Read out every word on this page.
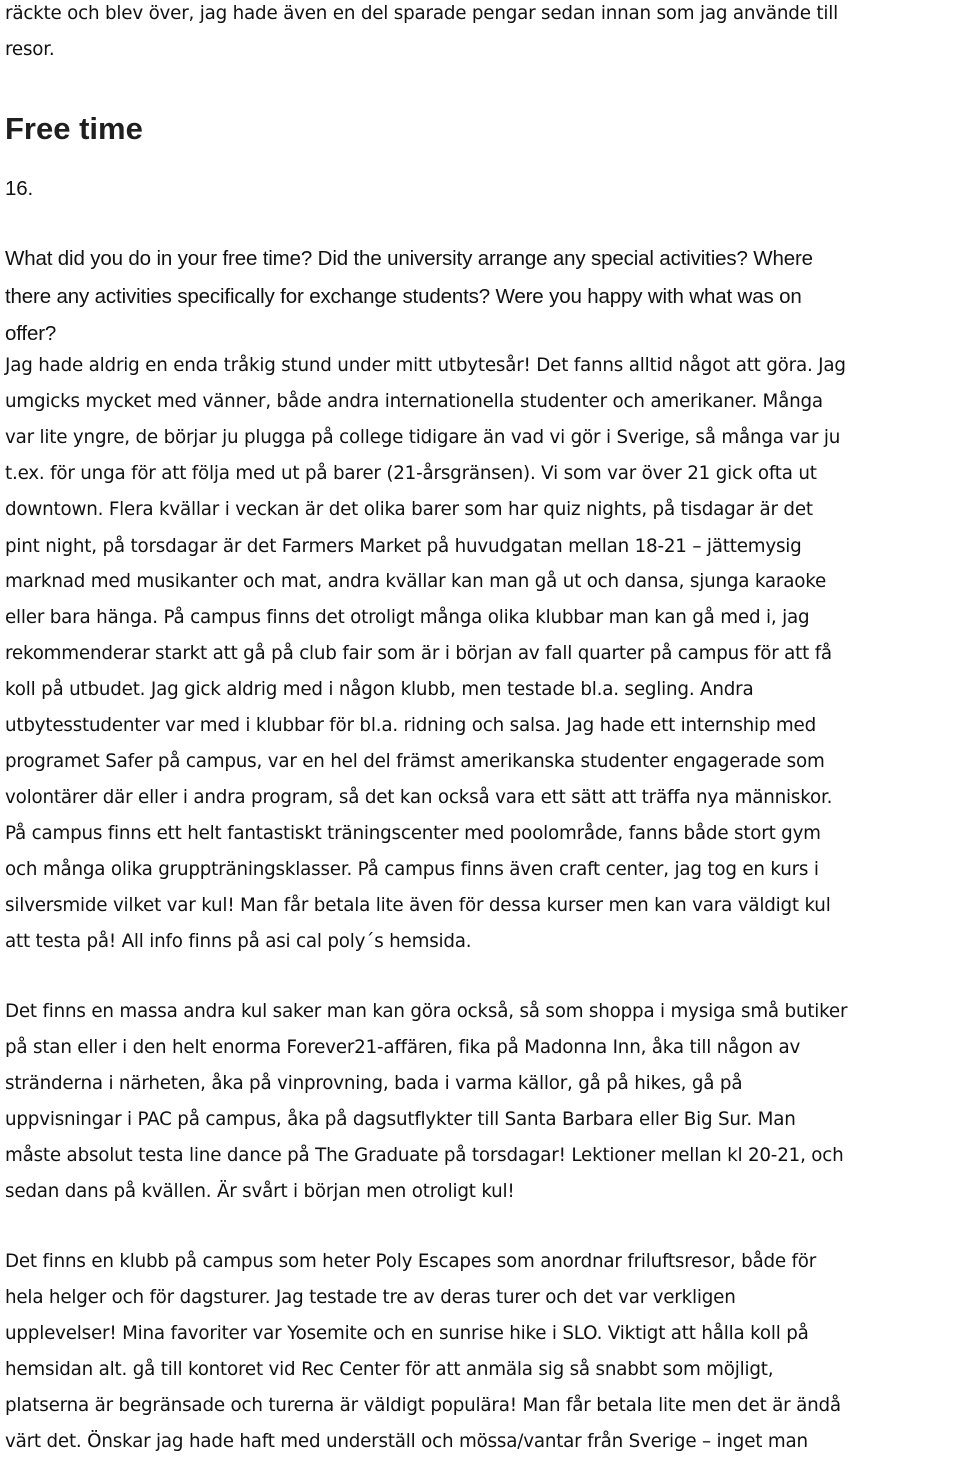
räckte och blev över, jag hade även en del sparade pengar sedan innan som jag använde till

resor.

Free time

16.

What did you do in your free time? Did the university arrange any special activities? Where

there any activities specifically for exchange students? Were you happy with what was on

offer?

Jag hade aldrig en enda tråkig stund under mitt utbytesår! Det fanns alltid något att göra. Jag

umgicks mycket med vänner, både andra internationella studenter och amerikaner. Många

var lite yngre, de börjar ju plugga på college tidigare än vad vi gör i Sverige, så många var ju

t.ex. för unga för att följa med ut på barer (21-årsgränsen). Vi som var över 21 gick ofta ut

downtown. Flera kvällar i veckan är det olika barer som har quiz nights, på tisdagar är det

pint night, på torsdagar är det Farmers Market på huvudgatan mellan 18-21 – jättemysig

marknad med musikanter och mat, andra kvällar kan man gå ut och dansa, sjunga karaoke

eller bara hänga. På campus finns det otroligt många olika klubbar man kan gå med i, jag

rekommenderar starkt att gå på club fair som är i början av fall quarter på campus för att få

koll på utbudet. Jag gick aldrig med i någon klubb, men testade bl.a. segling. Andra

utbytesstudenter var med i klubbar för bl.a. ridning och salsa. Jag hade ett internship med

programet Safer på campus, var en hel del främst amerikanska studenter engagerade som

volontärer där eller i andra program, så det kan också vara ett sätt att träffa nya människor.

På campus finns ett helt fantastiskt träningscenter med poolområde, fanns både stort gym

och många olika gruppträningsklasser. På campus finns även craft center, jag tog en kurs i

silversmide vilket var kul! Man får betala lite även för dessa kurser men kan vara väldigt kul

att testa på! All info finns på asi cal poly´s hemsida.

Det finns en massa andra kul saker man kan göra också, så som shoppa i mysiga små butiker

på stan eller i den helt enorma Forever21-affären, fika på Madonna Inn, åka till någon av

stränderna i närheten, åka på vinprovning, bada i varma källor, gå på hikes, gå på

uppvisningar i PAC på campus, åka på dagsutflykter till Santa Barbara eller Big Sur. Man

måste absolut testa line dance på The Graduate på torsdagar! Lektioner mellan kl 20-21, och

sedan dans på kvällen. Är svårt i början men otroligt kul!

Det finns en klubb på campus som heter Poly Escapes som anordnar friluftsresor, både för

hela helger och för dagsturer. Jag testade tre av deras turer och det var verkligen

upplevelser! Mina favoriter var Yosemite och en sunrise hike i SLO. Viktigt att hålla koll på

hemsidan alt. gå till kontoret vid Rec Center för att anmäla sig så snabbt som möjligt,

platserna är begränsade och turerna är väldigt populära! Man får betala lite men det är ändå

värt det. Önskar jag hade haft med underställ och mössa/vantar från Sverige – inget man
